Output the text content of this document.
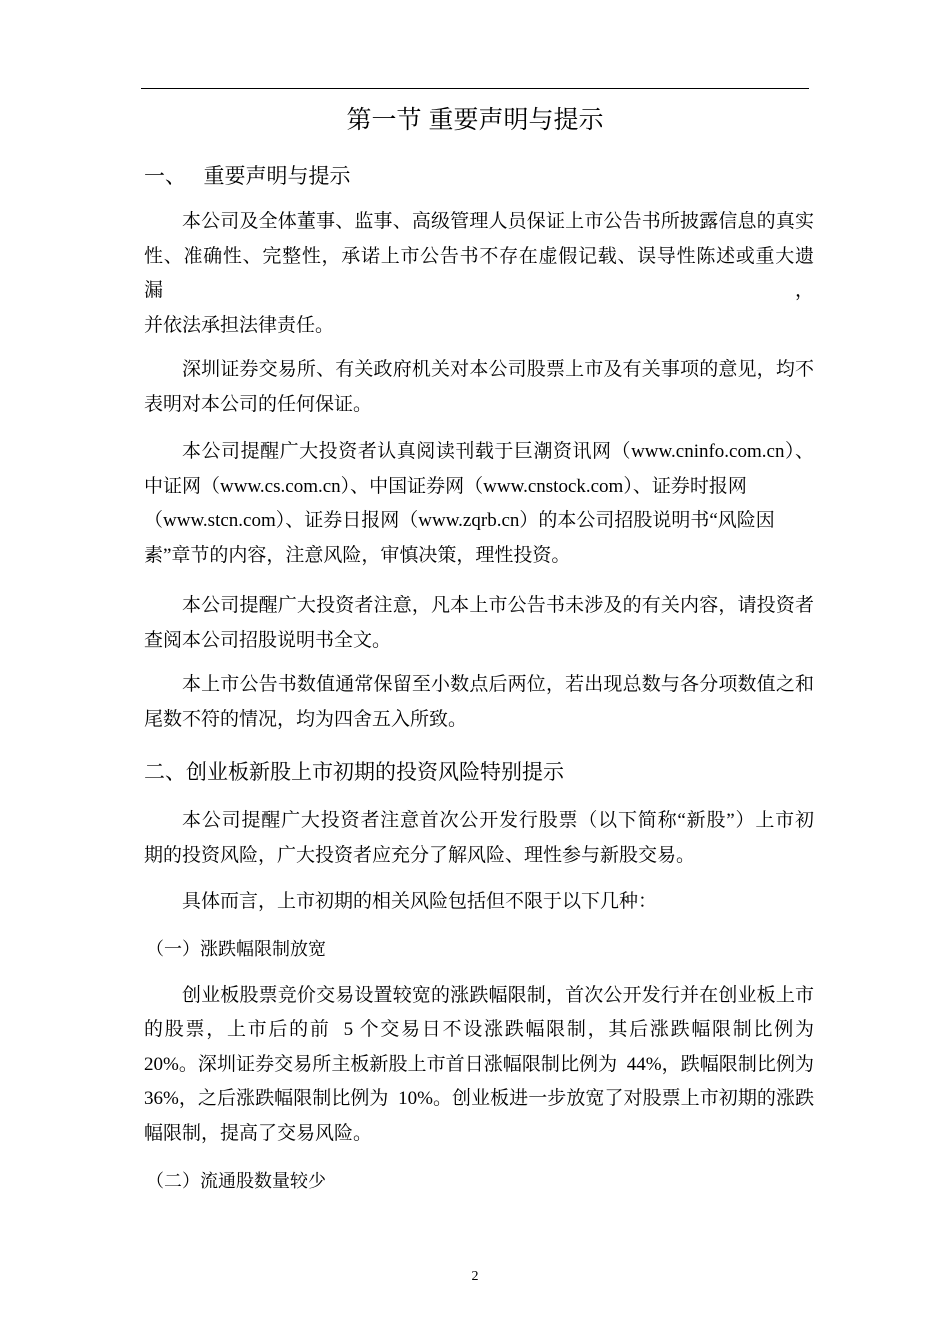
第一节 重要声明与提示
一、   重要声明与提示
本公司及全体董事、监事、高级管理人员保证上市公告书所披露信息的真实
性、准确性、完整性，承诺上市公告书不存在虚假记载、误导性陈述或重大遗漏，
并依法承担法律责任。
深圳证券交易所、有关政府机关对本公司股票上市及有关事项的意见，均不
表明对本公司的任何保证。
本公司提醒广大投资者认真阅读刊载于巨潮资讯网（www.cninfo.com.cn）、
中证网（www.cs.com.cn）、中国证券网（www.cnstock.com）、证券时报网
（www.stcn.com）、证券日报网（www.zqrb.cn）的本公司招股说明书“风险因
素”章节的内容，注意风险，审慎决策，理性投资。
本公司提醒广大投资者注意，凡本上市公告书未涉及的有关内容，请投资者
查阅本公司招股说明书全文。
本上市公告书数值通常保留至小数点后两位，若出现总数与各分项数值之和
尾数不符的情况，均为四舍五入所致。
二、创业板新股上市初期的投资风险特别提示
本公司提醒广大投资者注意首次公开发行股票（以下简称“新股”）上市初
期的投资风险，广大投资者应充分了解风险、理性参与新股交易。
具体而言，上市初期的相关风险包括但不限于以下几种：
（一）涨跌幅限制放宽
创业板股票竞价交易设置较宽的涨跌幅限制，首次公开发行并在创业板上市
的股票，上市后的前  5 个交易日不设涨跌幅限制，其后涨跌幅限制比例为
20%。深圳证券交易所主板新股上市首日涨幅限制比例为  44%，跌幅限制比例为
36%，之后涨跌幅限制比例为  10%。创业板进一步放宽了对股票上市初期的涨跌
幅限制，提高了交易风险。
（二）流通股数量较少
2
